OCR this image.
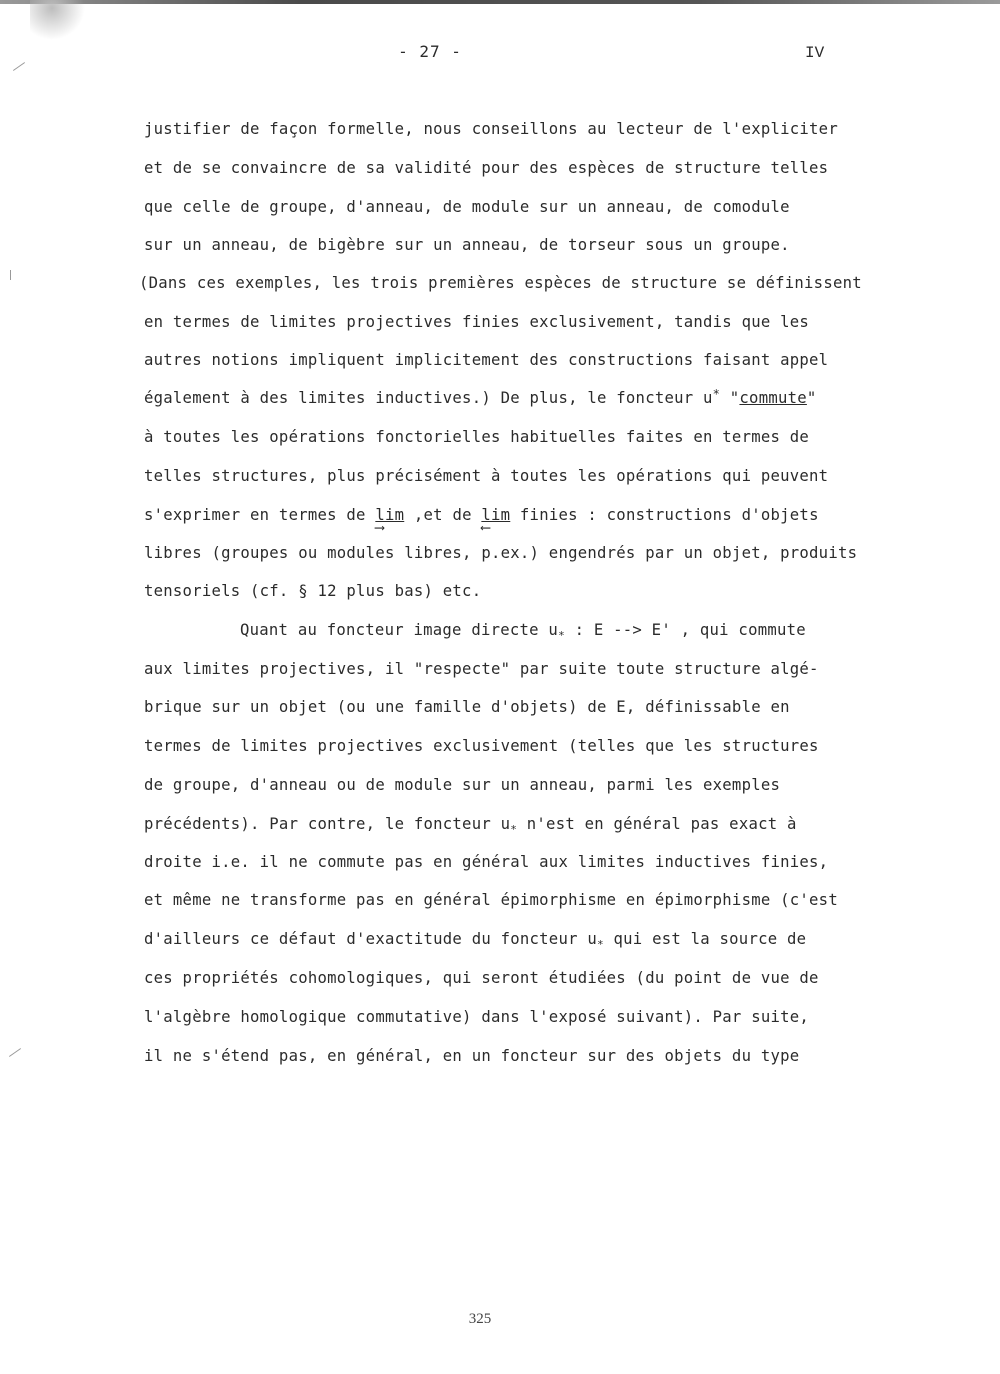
- 27 -	IV
justifier de façon formelle, nous conseillons au lecteur de l'expliciter
et de se convaincre de sa validité pour des espèces de structure telles
que celle de groupe, d'anneau, de module sur un anneau, de comodule
sur un anneau, de bigèbre sur un anneau, de torseur sous un groupe.
(Dans ces exemples, les trois premières espèces de structure se définissent
en termes de limites projectives finies exclusivement, tandis que les
autres notions impliquent implicitement des constructions faisant appel
également à des limites inductives.) De plus, le foncteur u* "commute"
à toutes les opérations fonctorielles habituelles faites en termes de
telles structures, plus précisément à toutes les opérations qui peuvent
s'exprimer en termes de lim
⟶
,et de lim
⟵
finies : constructions d'objets
libres (groupes ou modules libres, p.ex.) engendrés par un objet, produits
tensoriels (cf. § 12 plus bas) etc.
Quant au foncteur image directe $u_*$ : E --> E' , qui commute
aux limites projectives, il "respecte" par suite toute structure algé-
brique sur un objet (ou une famille d'objets) de E, définissable en
termes de limites projectives exclusivement (telles que les structures
de groupe, d'anneau ou de module sur un anneau, parmi les exemples
précédents). Par contre, le foncteur $u_*$ n'est en général pas exact à
droite i.e. il ne commute pas en général aux limites inductives finies,
et même ne transforme pas en général épimorphisme en épimorphisme (c'est
d'ailleurs ce défaut d'exactitude du foncteur $u_*$ qui est la source de
ces propriétés cohomologiques, qui seront étudiées (du point de vue de
l'algèbre homologique commutative) dans l'exposé suivant). Par suite,
il ne s'étend pas, en général, en un foncteur sur des objets du type
325
